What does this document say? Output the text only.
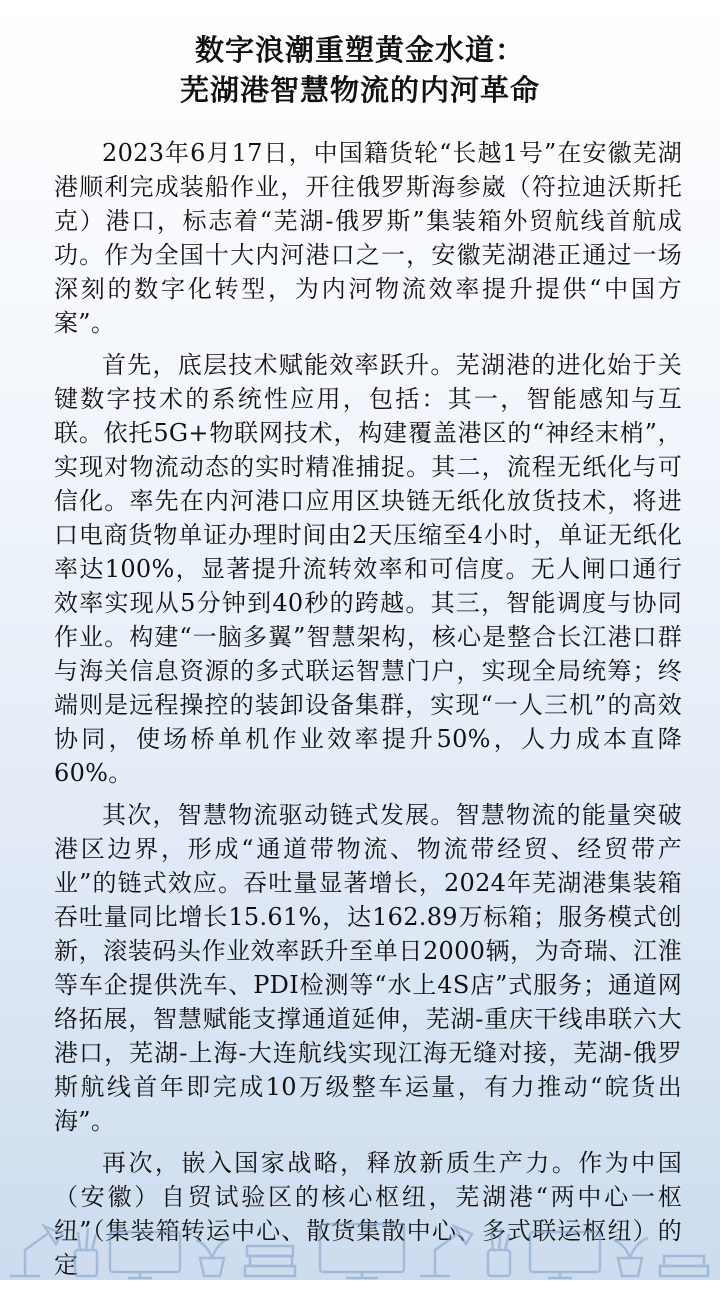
数字浪潮重塑黄金水道：
芜湖港智慧物流的内河革命

2023年6月17日，中国籍货轮“长越1号”在安徽芜湖港顺利完成装船作业，开往俄罗斯海参崴（符拉迪沃斯托克）港口，标志着“芜湖-俄罗斯”集装箱外贸航线首航成功。作为全国十大内河港口之一，安徽芜湖港正通过一场深刻的数字化转型，为内河物流效率提升提供“中国方案”。

首先，底层技术赋能效率跃升。芜湖港的进化始于关键数字技术的系统性应用，包括：其一，智能感知与互联。依托5G+物联网技术，构建覆盖港区的“神经末梢”，实现对物流动态的实时精准捕捉。其二，流程无纸化与可信化。率先在内河港口应用区块链无纸化放货技术，将进口电商货物单证办理时间由2天压缩至4小时，单证无纸化率达100%，显著提升流转效率和可信度。无人闸口通行效率实现从5分钟到40秒的跨越。其三，智能调度与协同作业。构建“一脑多翼”智慧架构，核心是整合长江港口群与海关信息资源的多式联运智慧门户，实现全局统筹；终端则是远程操控的装卸设备集群，实现“一人三机”的高效协同，使场桥单机作业效率提升50%，人力成本直降60%。

其次，智慧物流驱动链式发展。智慧物流的能量突破港区边界，形成“通道带物流、物流带经贸、经贸带产业”的链式效应。吞吐量显著增长，2024年芜湖港集装箱吞吐量同比增长15.61%，达162.89万标箱；服务模式创新，滚装码头作业效率跃升至单日2000辆，为奇瑞、江淮等车企提供洗车、PDI检测等“水上4S店”式服务；通道网络拓展，智慧赋能支撑通道延伸，芜湖-重庆干线串联六大港口，芜湖-上海-大连航线实现江海无缝对接，芜湖-俄罗斯航线首年即完成10万级整车运量，有力推动“皖货出海”。

再次，嵌入国家战略，释放新质生产力。作为中国（安徽）自贸试验区的核心枢纽，芜湖港“两中心一枢纽”（集装箱转运中心、散货集散中心、多式联运枢纽）的定
